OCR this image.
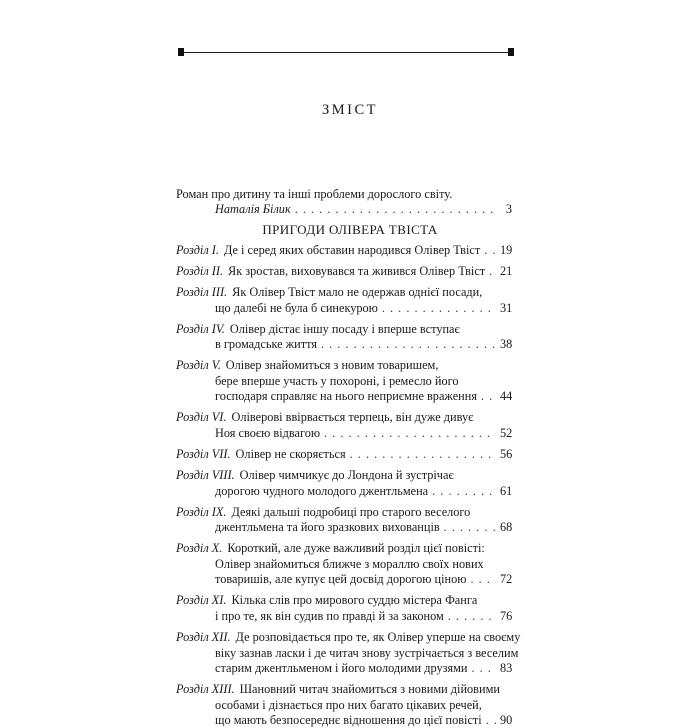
ЗМІСТ
Роман про дитину та інші проблеми дорослого світу.
Наталія Білик . . .	3
ПРИГОДИ ОЛІВЕРА ТВІСТА
Розділ I. Де і серед яких обставин народився Олівер Твіст . . . 19
Розділ II. Як зростав, виховувався та живився Олівер Твіст . . . 21
Розділ III. Як Олівер Твіст мало не одержав однієї посади,
що далебі не була б синекурою . . .	31
Розділ IV. Олівер дістає іншу посаду і вперше вступає
в громадське життя . . .	38
Розділ V. Олівер знайомиться з новим товаришем,
бере вперше участь у похороні, і ремесло його
господаря справляє на нього неприємне враження . . . 44
Розділ VI. Оліверові ввірвається терпець, він дуже дивує
Ноя своєю відвагою . . .	52
Розділ VII. Олівер не скоряється . . .	56
Розділ VIII. Олівер чимчикує до Лондона й зустрічає
дорогою чудного молодого джентльмена . . .	61
Розділ IX. Деякі дальші подробиці про старого веселого
джентльмена та його зразкових вихованців . . .	68
Розділ X. Короткий, але дуже важливий розділ цієї повісті:
Олівер знайомиться ближче з мораллю своїх нових
товаришів, але купує цей досвід дорогою ціною . . .	72
Розділ XI. Кілька слів про мирового суддю містера Фанга
і про те, як він судив по правді й за законом . . .	76
Розділ XII. Де розповідається про те, як Олівер уперше на своєму
віку зазнав ласки і де читач знову зустрічається з веселим
старим джентльменом і його молодими друзями . . .	83
Розділ XIII. Шановний читач знайомиться з новими дійовими
особами і дізнається про них багато цікавих речей,
що мають безпосереднє відношення до цієї повісті . . . 90
